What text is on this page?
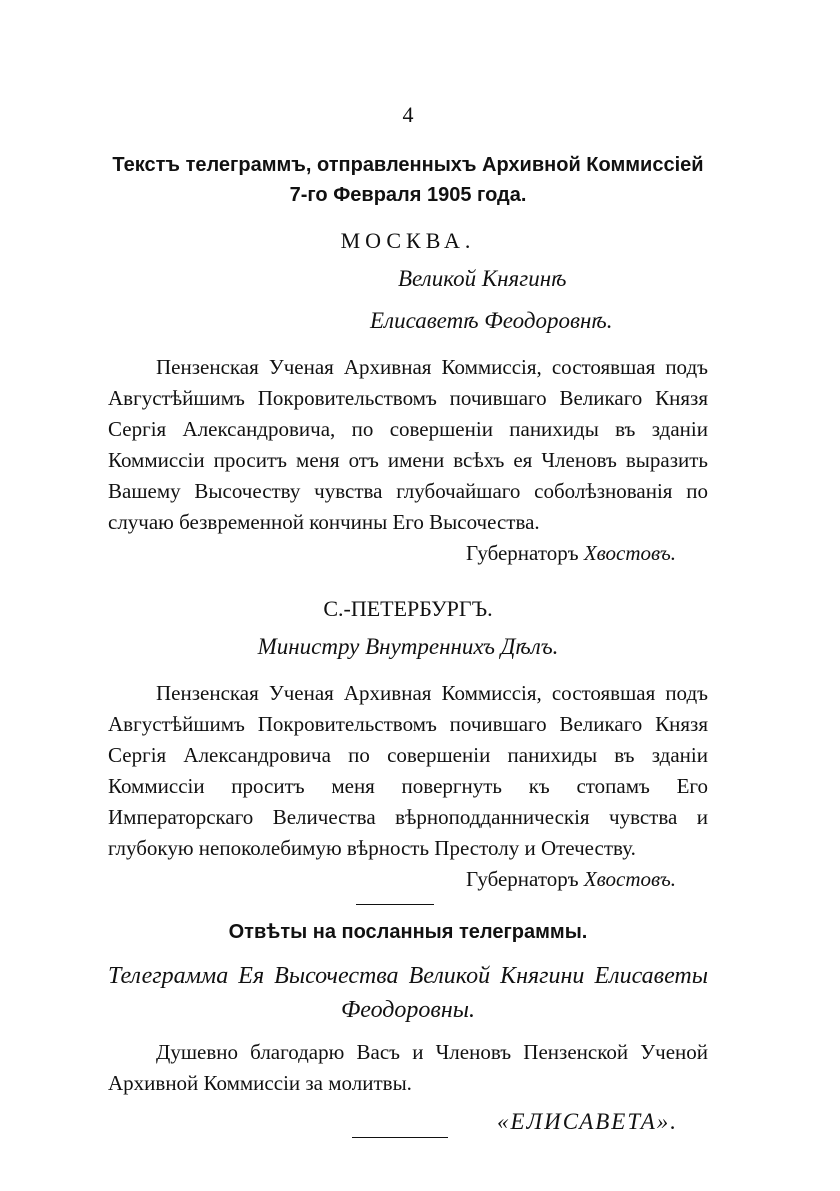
4
Текстъ телеграммъ, отправленныхъ Архивной Коммиссіей
7-го Февраля 1905 года.
МОСКВА.
Великой Княгинѣ
Елисаветѣ Феодоровнѣ.
Пензенская Ученая Архивная Коммиссія, состоявшая подъ Августѣйшимъ Покровительствомъ почившаго Великаго Князя Сергія Александровича, по совершеніи панихиды въ зданіи Коммиссіи проситъ меня отъ имени всѣхъ ея Членовъ выразить Вашему Высочеству чувства глубочайшаго соболѣзнованія по случаю безвременной кончины Его Высочества.
Губернаторъ Хвостовъ.
С.-ПЕТЕРБУРГЪ.
Министру Внутреннихъ Дѣлъ.
Пензенская Ученая Архивная Коммиссія, состоявшая подъ Августѣйшимъ Покровительствомъ почившаго Великаго Князя Сергія Александровича по совершеніи панихиды въ зданіи Коммиссіи проситъ меня повергнуть къ стопамъ Его Императорскаго Величества вѣрноподданническія чувства и глубокую непоколебимую вѣрность Престолу и Отечеству.
Губернаторъ Хвостовъ.
Отвѣты на посланныя телеграммы.
Телеграмма Ея Высочества Великой Княгини Елисаветы Феодоровны.
Душевно благодарю Васъ и Членовъ Пензенской Ученой Архивной Коммиссіи за молитвы.
«ЕЛИСАВЕТА».
